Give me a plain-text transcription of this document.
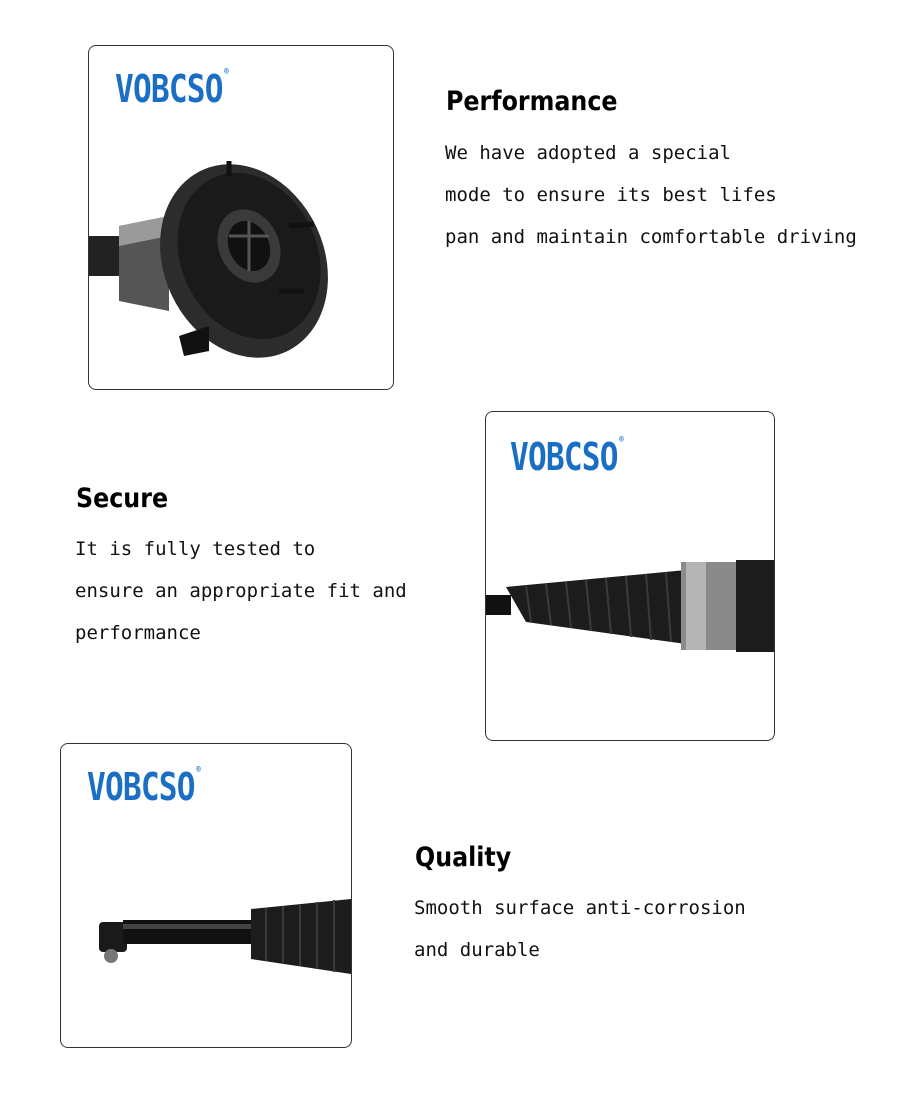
VOBCSO ®
Performance
We have adopted a special
mode to ensure its best lifes
pan and maintain comfortable driving
Secure
It is fully tested to
ensure an appropriate fit and
performance
VOBCSO ®
VOBCSO ®
Quality
Smooth surface anti-corrosion
and durable
